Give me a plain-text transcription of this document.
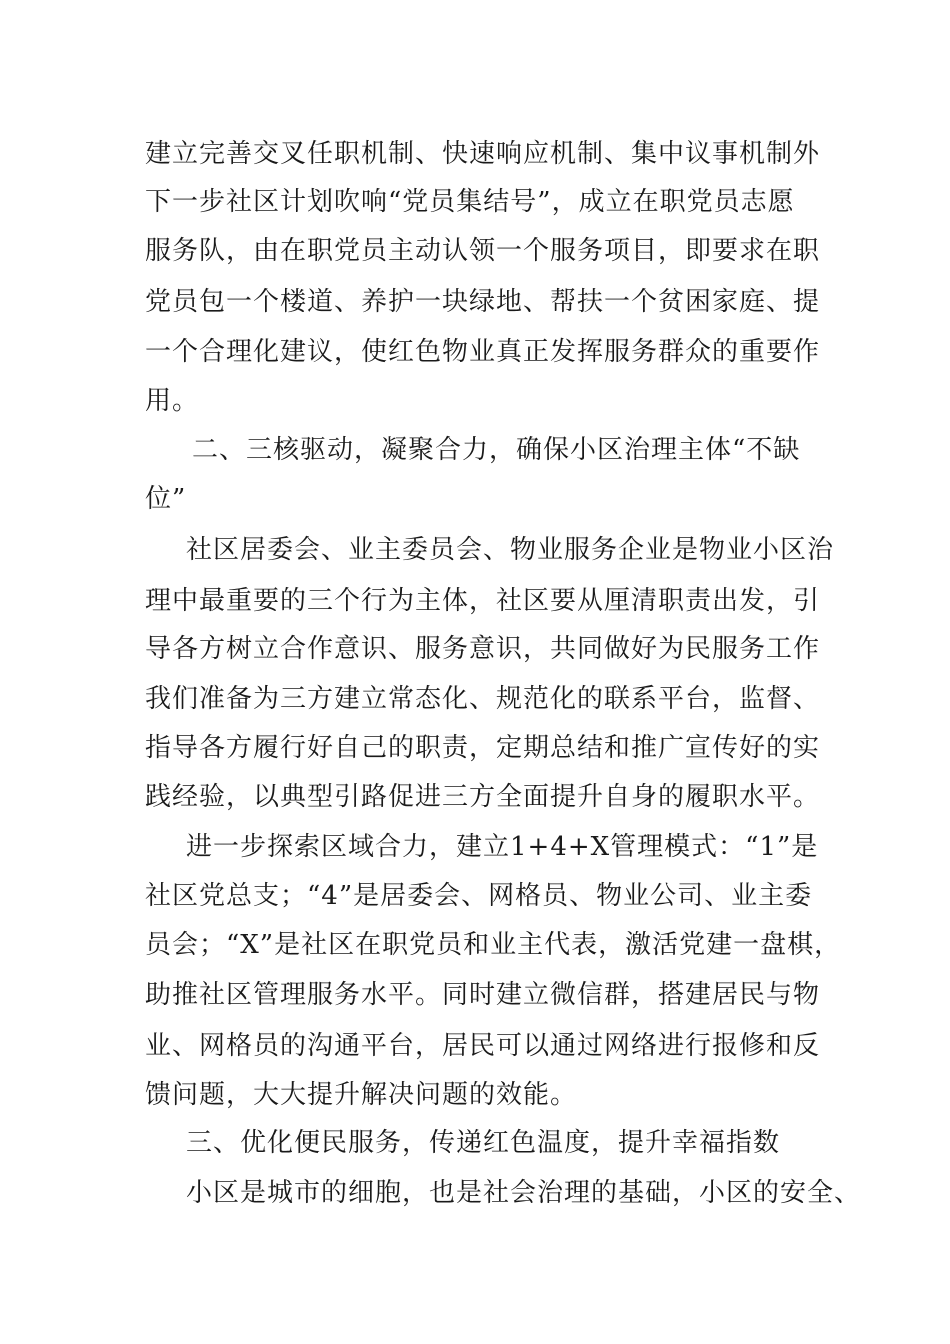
建立完善交叉任职机制、快速响应机制、集中议事机制外
下一步社区计划吹响“党员集结号”，成立在职党员志愿
服务队，由在职党员主动认领一个服务项目，即要求在职
党员包一个楼道、养护一块绿地、帮扶一个贫困家庭、提
一个合理化建议，使红色物业真正发挥服务群众的重要作
用。
二、三核驱动，凝聚合力，确保小区治理主体“不缺
位”
社区居委会、业主委员会、物业服务企业是物业小区治
理中最重要的三个行为主体，社区要从厘清职责出发，引
导各方树立合作意识、服务意识，共同做好为民服务工作
我们准备为三方建立常态化、规范化的联系平台，监督、
指导各方履行好自己的职责，定期总结和推广宣传好的实
践经验，以典型引路促进三方全面提升自身的履职水平。
进一步探索区域合力，建立1+4+X管理模式：“1”是
社区党总支；“4”是居委会、网格员、物业公司、业主委
员会；“X”是社区在职党员和业主代表，激活党建一盘棋，
助推社区管理服务水平。同时建立微信群，搭建居民与物
业、网格员的沟通平台，居民可以通过网络进行报修和反
馈问题，大大提升解决问题的效能。
三、优化便民服务，传递红色温度，提升幸福指数
小区是城市的细胞，也是社会治理的基础，小区的安全、
